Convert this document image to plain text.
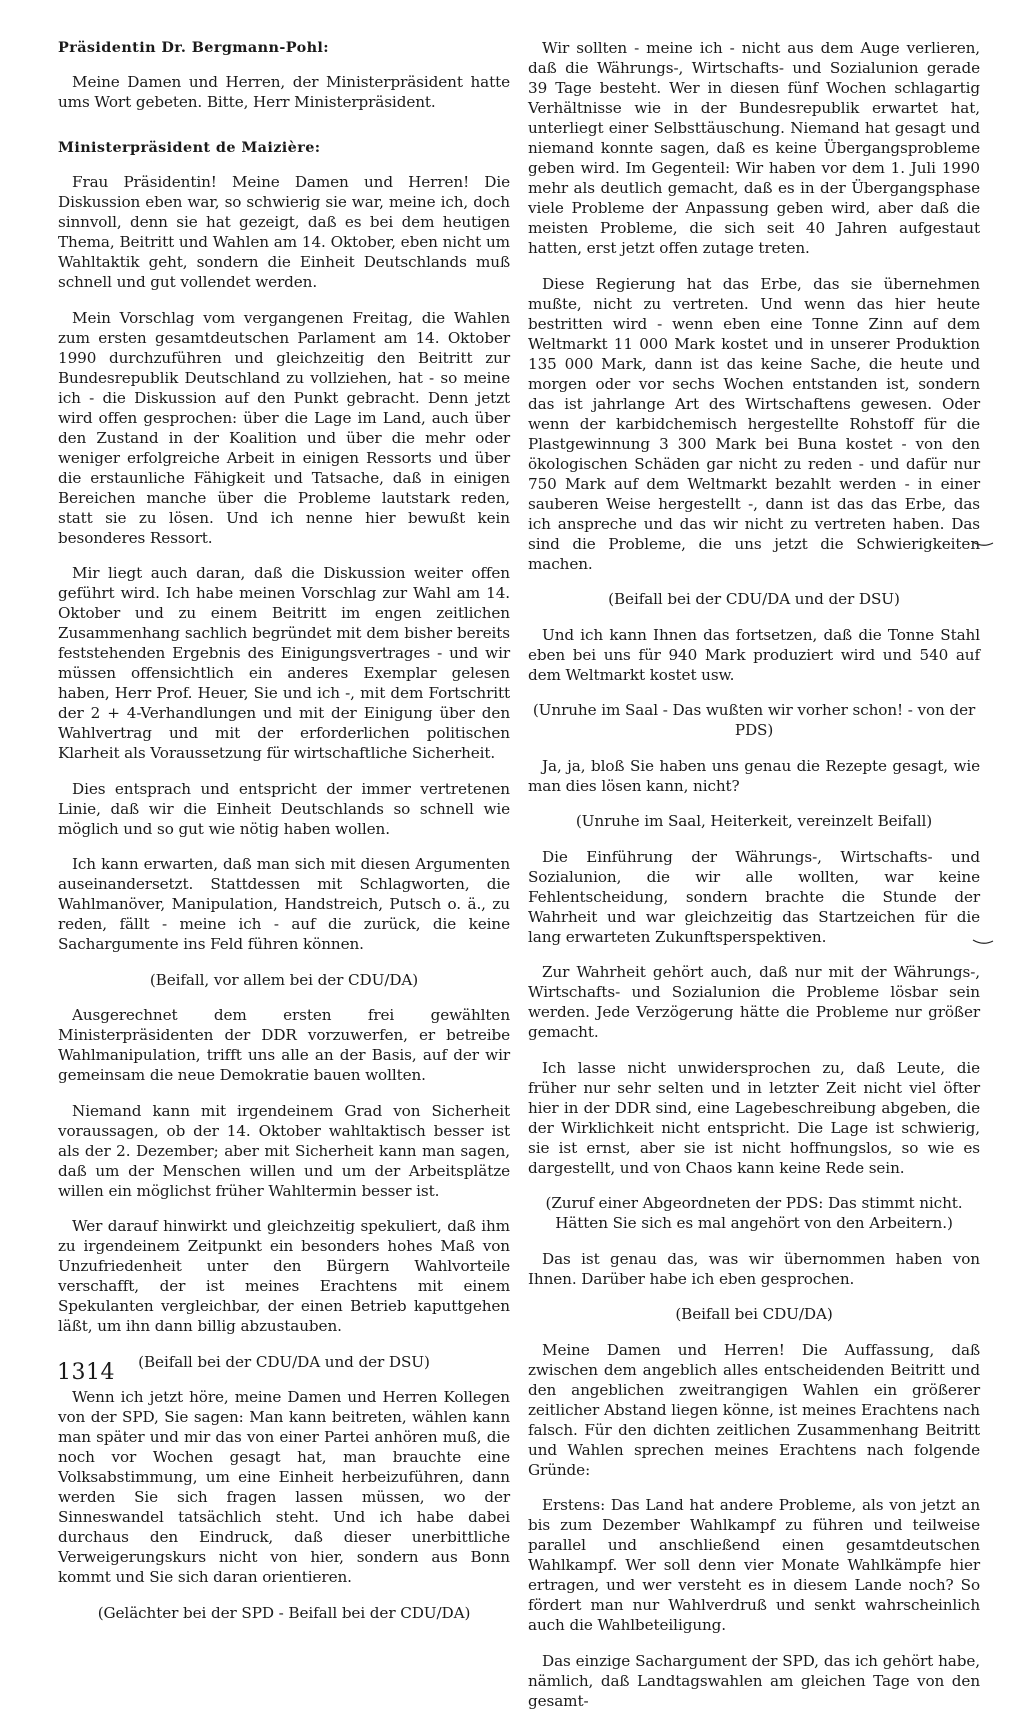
Präsidentin Dr. Bergmann-Pohl:

Meine Damen und Herren, der Ministerpräsident hatte ums Wort gebeten. Bitte, Herr Ministerpräsident.

Ministerpräsident de Maizière:

Frau Präsidentin! Meine Damen und Herren! Die Diskussion eben war, so schwierig sie war, meine ich, doch sinnvoll, denn sie hat gezeigt, daß es bei dem heutigen Thema, Beitritt und Wahlen am 14. Oktober, eben nicht um Wahltaktik geht, sondern die Einheit Deutschlands muß schnell und gut vollendet werden.

Mein Vorschlag vom vergangenen Freitag, die Wahlen zum ersten gesamtdeutschen Parlament am 14. Oktober 1990 durchzuführen und gleichzeitig den Beitritt zur Bundesrepublik Deutschland zu vollziehen, hat - so meine ich - die Diskussion auf den Punkt gebracht. Denn jetzt wird offen gesprochen: über die Lage im Land, auch über den Zustand in der Koalition und über die mehr oder weniger erfolgreiche Arbeit in einigen Ressorts und über die erstaunliche Fähigkeit und Tatsache, daß in einigen Bereichen manche über die Probleme lautstark reden, statt sie zu lösen. Und ich nenne hier bewußt kein besonderes Ressort.

Mir liegt auch daran, daß die Diskussion weiter offen geführt wird. Ich habe meinen Vorschlag zur Wahl am 14. Oktober und zu einem Beitritt im engen zeitlichen Zusammenhang sachlich begründet mit dem bisher bereits feststehenden Ergebnis des Einigungsvertrages - und wir müssen offensichtlich ein anderes Exemplar gelesen haben, Herr Prof. Heuer, Sie und ich -, mit dem Fortschritt der 2 + 4-Verhandlungen und mit der Einigung über den Wahlvertrag und mit der erforderlichen politischen Klarheit als Voraussetzung für wirtschaftliche Sicherheit.

Dies entsprach und entspricht der immer vertretenen Linie, daß wir die Einheit Deutschlands so schnell wie möglich und so gut wie nötig haben wollen.

Ich kann erwarten, daß man sich mit diesen Argumenten auseinandersetzt. Stattdessen mit Schlagworten, die Wahlmanöver, Manipulation, Handstreich, Putsch o. ä., zu reden, fällt - meine ich - auf die zurück, die keine Sachargumente ins Feld führen können.

(Beifall, vor allem bei der CDU/DA)

Ausgerechnet dem ersten frei gewählten Ministerpräsidenten der DDR vorzuwerfen, er betreibe Wahlmanipulation, trifft uns alle an der Basis, auf der wir gemeinsam die neue Demokratie bauen wollten.

Niemand kann mit irgendeinem Grad von Sicherheit voraussagen, ob der 14. Oktober wahltaktisch besser ist als der 2. Dezember; aber mit Sicherheit kann man sagen, daß um der Menschen willen und um der Arbeitsplätze willen ein möglichst früher Wahltermin besser ist.

Wer darauf hinwirkt und gleichzeitig spekuliert, daß ihm zu irgendeinem Zeitpunkt ein besonders hohes Maß von Unzufriedenheit unter den Bürgern Wahlvorteile verschafft, der ist meines Erachtens mit einem Spekulanten vergleichbar, der einen Betrieb kaputtgehen läßt, um ihn dann billig abzustauben.

(Beifall bei der CDU/DA und der DSU)

Wenn ich jetzt höre, meine Damen und Herren Kollegen von der SPD, Sie sagen: Man kann beitreten, wählen kann man später und mir das von einer Partei anhören muß, die noch vor Wochen gesagt hat, man brauchte eine Volksabstimmung, um eine Einheit herbeizuführen, dann werden Sie sich fragen lassen müssen, wo der Sinneswandel tatsächlich steht. Und ich habe dabei durchaus den Eindruck, daß dieser unerbittliche Verweigerungskurs nicht von hier, sondern aus Bonn kommt und Sie sich daran orientieren.

(Gelächter bei der SPD - Beifall bei der CDU/DA)

Wir sollten - meine ich - nicht aus dem Auge verlieren, daß die Währungs-, Wirtschafts- und Sozialunion gerade 39 Tage besteht. Wer in diesen fünf Wochen schlagartig Verhältnisse wie in der Bundesrepublik erwartet hat, unterliegt einer Selbsttäuschung. Niemand hat gesagt und niemand konnte sagen, daß es keine Übergangsprobleme geben wird. Im Gegenteil: Wir haben vor dem 1. Juli 1990 mehr als deutlich gemacht, daß es in der Übergangsphase viele Probleme der Anpassung geben wird, aber daß die meisten Probleme, die sich seit 40 Jahren aufgestaut hatten, erst jetzt offen zutage treten.

Diese Regierung hat das Erbe, das sie übernehmen mußte, nicht zu vertreten. Und wenn das hier heute bestritten wird - wenn eben eine Tonne Zinn auf dem Weltmarkt 11 000 Mark kostet und in unserer Produktion 135 000 Mark, dann ist das keine Sache, die heute und morgen oder vor sechs Wochen entstanden ist, sondern das ist jahrlange Art des Wirtschaftens gewesen. Oder wenn der karbidchemisch hergestellte Rohstoff für die Plastgewinnung 3 300 Mark bei Buna kostet - von den ökologischen Schäden gar nicht zu reden - und dafür nur 750 Mark auf dem Weltmarkt bezahlt werden - in einer sauberen Weise hergestellt -, dann ist das das Erbe, das ich anspreche und das wir nicht zu vertreten haben. Das sind die Probleme, die uns jetzt die Schwierigkeiten machen.

(Beifall bei der CDU/DA und der DSU)

Und ich kann Ihnen das fortsetzen, daß die Tonne Stahl eben bei uns für 940 Mark produziert wird und 540 auf dem Weltmarkt kostet usw.

(Unruhe im Saal - Das wußten wir vorher schon! - von der PDS)

Ja, ja, bloß Sie haben uns genau die Rezepte gesagt, wie man dies lösen kann, nicht?

(Unruhe im Saal, Heiterkeit, vereinzelt Beifall)

Die Einführung der Währungs-, Wirtschafts- und Sozialunion, die wir alle wollten, war keine Fehlentscheidung, sondern brachte die Stunde der Wahrheit und war gleichzeitig das Startzeichen für die lang erwarteten Zukunftsperspektiven.

Zur Wahrheit gehört auch, daß nur mit der Währungs-, Wirtschafts- und Sozialunion die Probleme lösbar sein werden. Jede Verzögerung hätte die Probleme nur größer gemacht.

Ich lasse nicht unwidersprochen zu, daß Leute, die früher nur sehr selten und in letzter Zeit nicht viel öfter hier in der DDR sind, eine Lagebeschreibung abgeben, die der Wirklichkeit nicht entspricht. Die Lage ist schwierig, sie ist ernst, aber sie ist nicht hoffnungslos, so wie es dargestellt, und von Chaos kann keine Rede sein.

(Zuruf einer Abgeordneten der PDS: Das stimmt nicht. Hätten Sie sich es mal angehört von den Arbeitern.)

Das ist genau das, was wir übernommen haben von Ihnen. Darüber habe ich eben gesprochen.

(Beifall bei CDU/DA)

Meine Damen und Herren! Die Auffassung, daß zwischen dem angeblich alles entscheidenden Beitritt und den angeblichen zweitrangigen Wahlen ein größerer zeitlicher Abstand liegen könne, ist meines Erachtens nach falsch. Für den dichten zeitlichen Zusammenhang Beitritt und Wahlen sprechen meines Erachtens nach folgende Gründe:

Erstens: Das Land hat andere Probleme, als von jetzt an bis zum Dezember Wahlkampf zu führen und teilweise parallel und anschließend einen gesamtdeutschen Wahlkampf. Wer soll denn vier Monate Wahlkämpfe hier ertragen, und wer versteht es in diesem Lande noch? So fördert man nur Wahlverdruß und senkt wahrscheinlich auch die Wahlbeteiligung.

Das einzige Sachargument der SPD, das ich gehört habe, nämlich, daß Landtagswahlen am gleichen Tage von den gesamt-

1314
